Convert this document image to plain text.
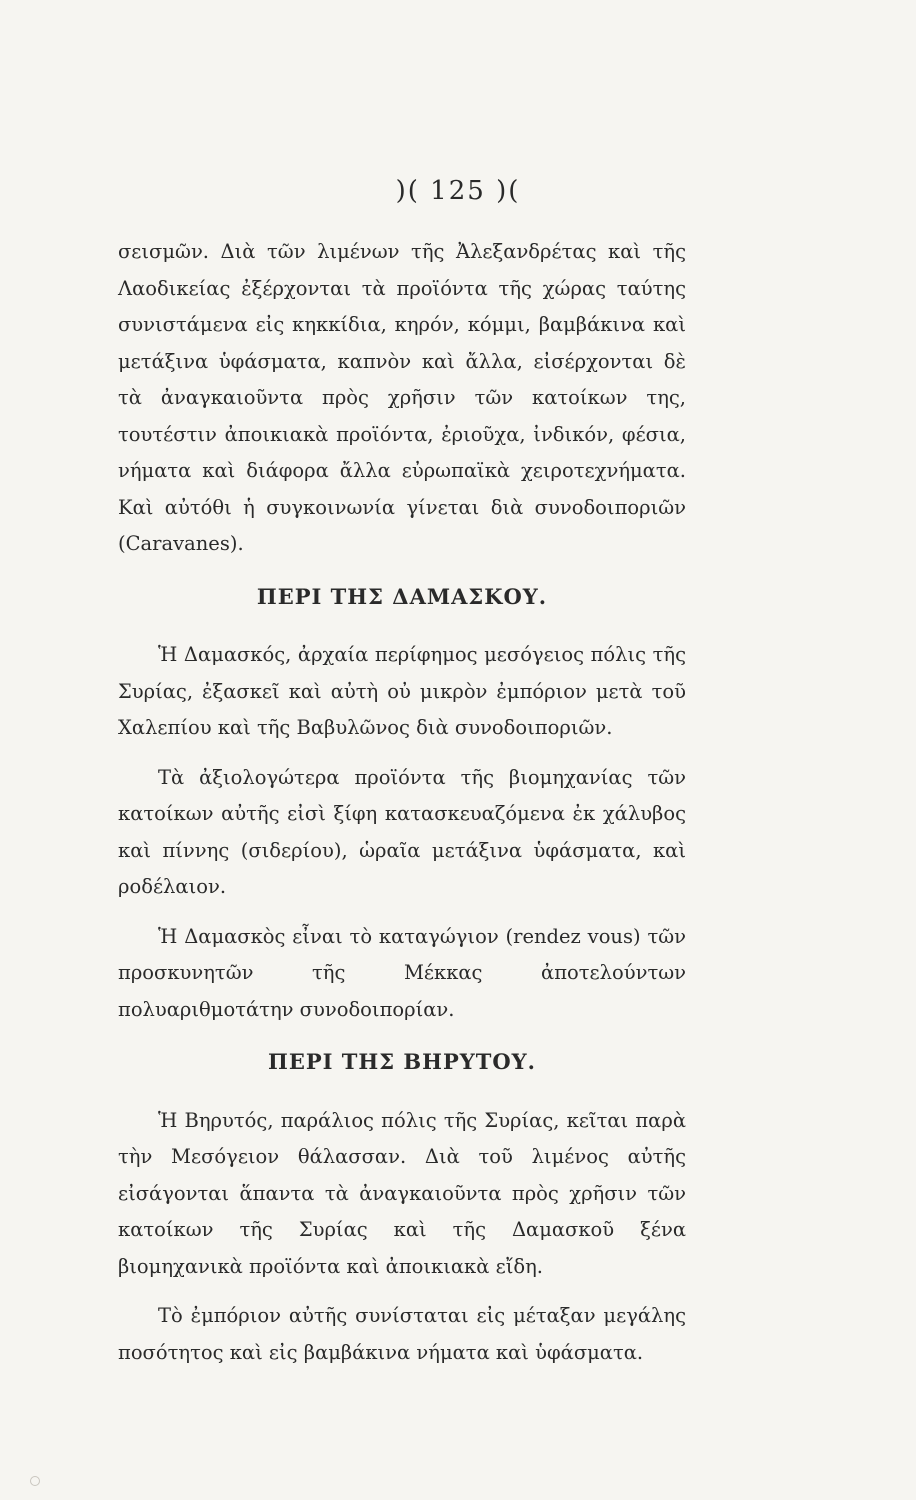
)( 125 )(

σεισμῶν. Διὰ τῶν λιμένων τῆς Ἀλεξανδρέτας καὶ τῆς Λαοδικείας ἐξέρχονται τὰ προϊόντα τῆς χώρας ταύτης συνιστάμενα εἰς κηκκίδια, κηρόν, κόμμι, βαμβάκινα καὶ μετάξινα ὑφάσματα, καπνὸν καὶ ἄλλα, εἰσέρχονται δὲ τὰ ἀναγκαιοῦντα πρὸς χρῆσιν τῶν κατοίκων της, τουτέστιν ἀποικιακὰ προϊόντα, ἐριοῦχα, ἰνδικόν, φέσια, νήματα καὶ διάφορα ἄλλα εὐρωπαϊκὰ χειροτεχνήματα. Καὶ αὐτόθι ἡ συγκοινωνία γίνεται διὰ συνοδοιποριῶν (Caravanes).

ΠΕΡΙ ΤΗΣ ΔΑΜΑΣΚΟΥ.

Ἡ Δαμασκός, ἀρχαία περίφημος μεσόγειος πόλις τῆς Συρίας, ἐξασκεῖ καὶ αὐτὴ οὐ μικρὸν ἐμπόριον μετὰ τοῦ Χαλεπίου καὶ τῆς Βαβυλῶνος διὰ συνοδοιποριῶν.

Τὰ ἀξιολογώτερα προϊόντα τῆς βιομηχανίας τῶν κατοίκων αὐτῆς εἰσὶ ξίφη κατασκευαζόμενα ἐκ χάλυβος καὶ πίννης (σιδερίου), ὡραῖα μετάξινα ὑφάσματα, καὶ ροδέλαιον.

Ἡ Δαμασκὸς εἶναι τὸ καταγώγιον (rendez vous) τῶν προσκυνητῶν τῆς Μέκκας ἀποτελούντων πολυαριθμοτάτην συνοδοιπορίαν.

ΠΕΡΙ ΤΗΣ ΒΗΡΥΤΟΥ.

Ἡ Βηρυτός, παράλιος πόλις τῆς Συρίας, κεῖται παρὰ τὴν Μεσόγειον θάλασσαν. Διὰ τοῦ λιμένος αὐτῆς εἰσάγονται ἅπαντα τὰ ἀναγκαιοῦντα πρὸς χρῆσιν τῶν κατοίκων τῆς Συρίας καὶ τῆς Δαμασκοῦ ξένα βιομηχανικὰ προϊόντα καὶ ἀποικιακὰ εἴδη.

Τὸ ἐμπόριον αὐτῆς συνίσταται εἰς μέταξαν μεγάλης ποσότητος καὶ εἰς βαμβάκινα νήματα καὶ ὑφάσματα.
